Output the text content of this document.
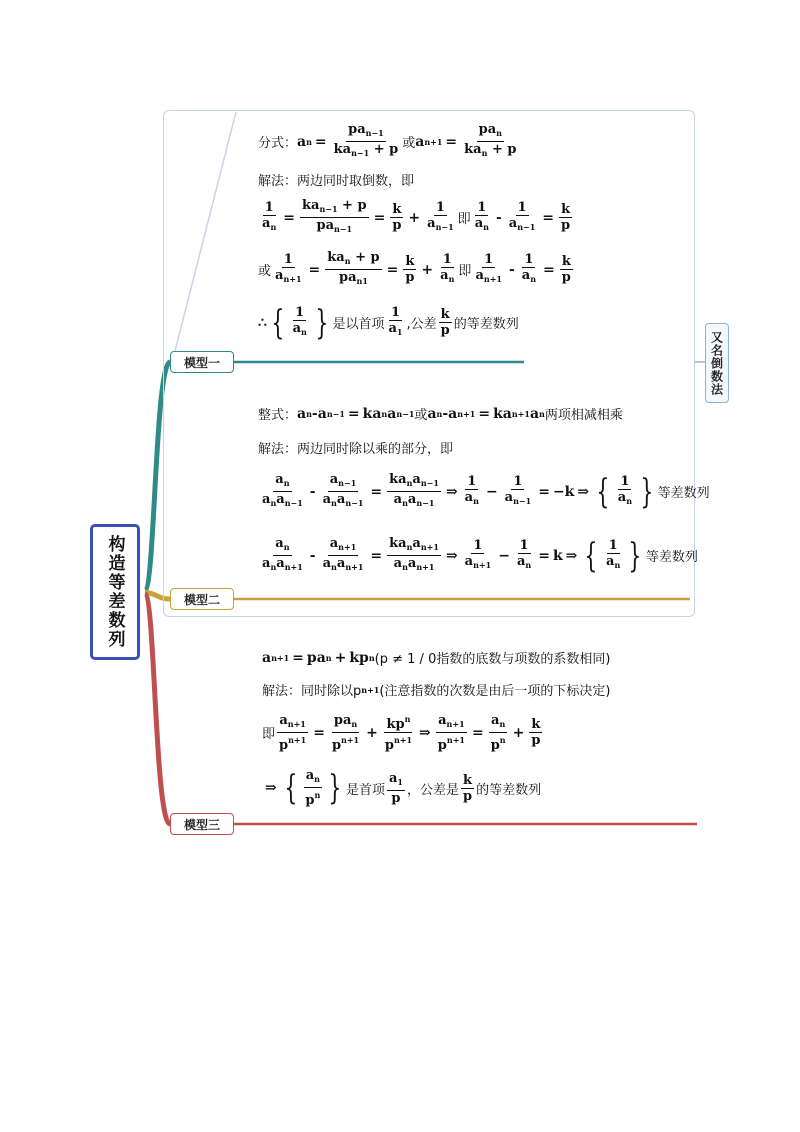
构造等差数列
模型一
模型二
模型三
又名倒数法
分式： a $n = \frac{pa_{n-1}}{ka_{n-1} + p}$ 或 a $n+1 = \frac{pa_n}{ka_n + p}$
解法：两边同时取倒数，即
$\frac{1}{a_n} = \frac{ka_{n-1} + p}{pa_{n-1}} = \frac{k}{p} + \frac{1}{a_{n-1}}$ 即 $\frac{1}{a_n} - \frac{1}{a_{n-1}} = \frac{k}{p}$
或 $\frac{1}{a_{n+1}} = \frac{ka_n + p}{pa_{n1}} = \frac{k}{p} + \frac{1}{a_n}$ 即 $\frac{1}{a_{n+1}} - \frac{1}{a_n} = \frac{k}{p}$
∴ { $\frac{1}{a_n}$ } 是以首项 $\frac{1}{a_1}$ ,公差 $\frac{k}{p}$ 的等差数列
整式： a n -a n−1 = ka n a n−1 或 a n -a n+1 = ka n+1 a n 两项相减相乘
解法：两边同时除以乘的部分，即
$\frac{a_n}{a_na_{n-1}} - \frac{a_{n-1}}{a_na_{n-1}} = \frac{ka_na_{n-1}}{a_na_{n-1}}$ ⇒ $\frac{1}{a_n} - \frac{1}{a_{n-1}} = -k$ ⇒ { $\frac{1}{a_n}$ } 等差数列
$\frac{a_n}{a_na_{n+1}} - \frac{a_{n+1}}{a_na_{n+1}} = \frac{ka_na_{n+1}}{a_na_{n+1}}$ ⇒ $\frac{1}{a_{n+1}} - \frac{1}{a_n} = k$ ⇒ { $\frac{1}{a_n}$ } 等差数列
a n+1 = pa n + kp n (p ≠ 1 / 0指数的底数与项数的系数相同)
解法：同时除以p n+1 (注意指数的次数是由后一项的下标决定)
即 $\frac{a_{n+1}}{p^{n+1}} = \frac{pa_n}{p^{n+1}} + \frac{kp^n}{p^{n+1}}$ ⇒ $\frac{a_{n+1}}{p^{n+1}} = \frac{a_n}{p^n} + \frac{k}{p}$
⇒ { $\frac{a_n}{p^n}$ } 是首项 $\frac{a_1}{p}$ ，公差是 $\frac{k}{p}$ 的等差数列
